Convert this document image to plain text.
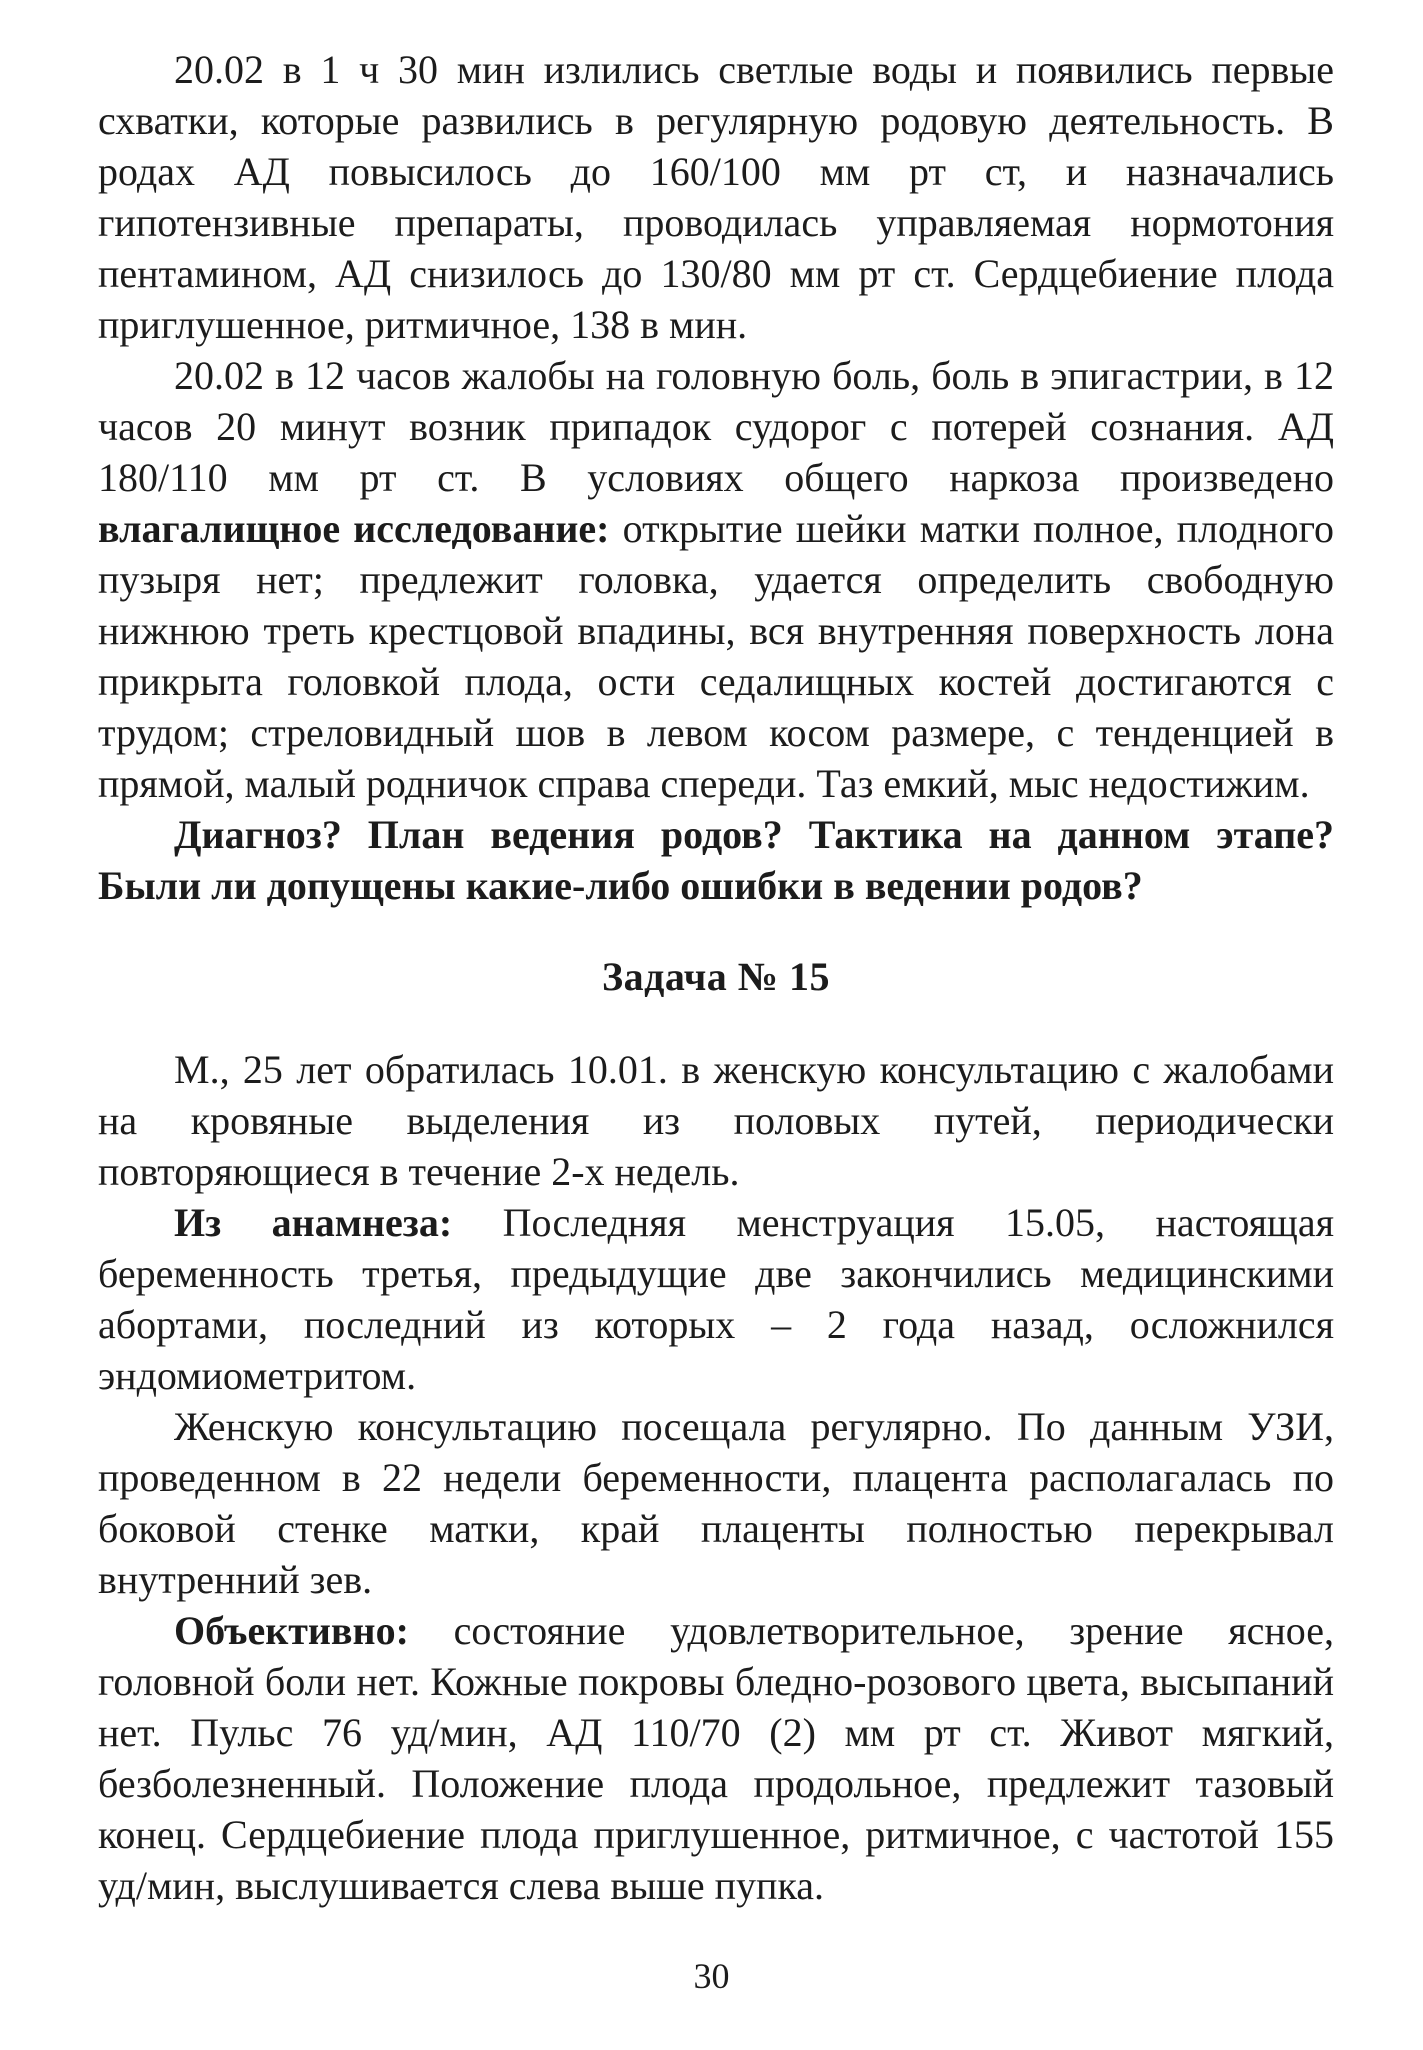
20.02 в 1 ч 30 мин излились светлые воды и появились первые схватки, которые развились в регулярную родовую деятельность. В родах АД повысилось до 160/100 мм рт ст, и назначались гипотензивные препараты, проводилась управляемая нормотония пентамином, АД снизилось до 130/80 мм рт ст. Сердцебиение плода приглушенное, ритмичное, 138 в мин.

20.02 в 12 часов жалобы на головную боль, боль в эпигастрии, в 12 часов 20 минут возник припадок судорог с потерей сознания. АД 180/110 мм рт ст. В условиях общего наркоза произведено влагалищное исследование: открытие шейки матки полное, плодного пузыря нет; предлежит головка, удается определить свободную нижнюю треть крестцовой впадины, вся внутренняя поверхность лона прикрыта головкой плода, ости седалищных костей достигаются с трудом; стреловидный шов в левом косом размере, с тенденцией в прямой, малый родничок справа спереди. Таз емкий, мыс недостижим.

Диагноз? План ведения родов? Тактика на данном этапе? Были ли допущены какие-либо ошибки в ведении родов?

Задача № 15

М., 25 лет обратилась 10.01. в женскую консультацию с жалобами на кровяные выделения из половых путей, периодически повторяющиеся в течение 2-х недель.

Из анамнеза: Последняя менструация 15.05, настоящая беременность третья, предыдущие две закончились медицинскими абортами, последний из которых – 2 года назад, осложнился эндомиометритом.

Женскую консультацию посещала регулярно. По данным УЗИ, проведенном в 22 недели беременности, плацента располагалась по боковой стенке матки, край плаценты полностью перекрывал внутренний зев.

Объективно: состояние удовлетворительное, зрение ясное, головной боли нет. Кожные покровы бледно-розового цвета, высыпаний нет. Пульс 76 уд/мин, АД 110/70 (2) мм рт ст. Живот мягкий, безболезненный. Положение плода продольное, предлежит тазовый конец. Сердцебиение плода приглушенное, ритмичное, с частотой 155 уд/мин, выслушивается слева выше пупка.

30
